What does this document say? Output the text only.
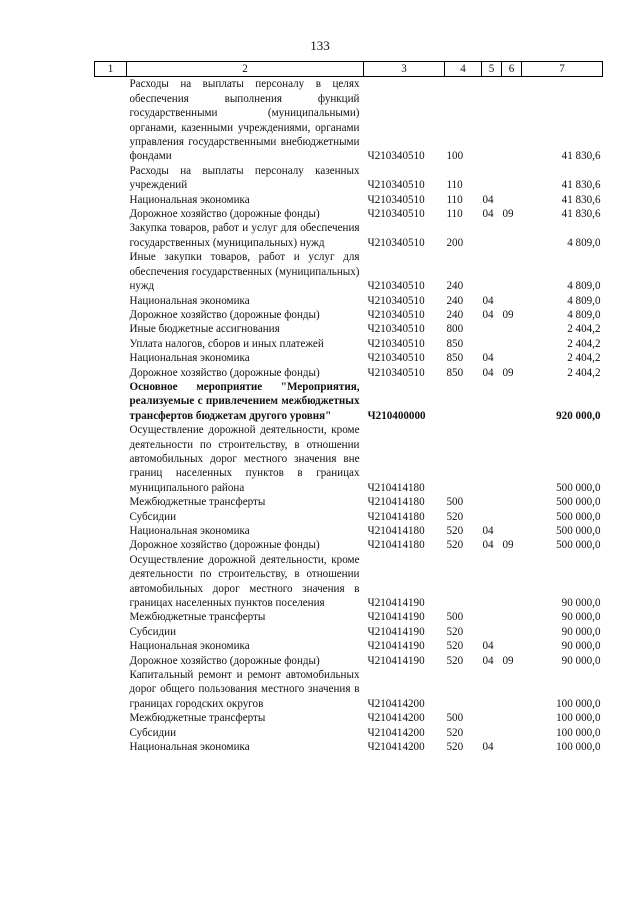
133
1	2	3	4	5	6	7
	Расходы на выплаты персоналу в целях обеспечения выполнения функций государственными (муниципальными) органами, казенными учреждениями, органами управления государственными внебюджетными фондами	Ч210340510	100			41 830,6
	Расходы на выплаты персоналу казенных учреждений	Ч210340510	110			41 830,6
	Национальная экономика	Ч210340510	110	04		41 830,6
	Дорожное хозяйство (дорожные фонды)	Ч210340510	110	04	09	41 830,6
	Закупка товаров, работ и услуг для обеспечения государственных (муниципальных) нужд	Ч210340510	200			4 809,0
	Иные закупки товаров, работ и услуг для обеспечения государственных (муниципальных) нужд	Ч210340510	240			4 809,0
	Национальная экономика	Ч210340510	240	04		4 809,0
	Дорожное хозяйство (дорожные фонды)	Ч210340510	240	04	09	4 809,0
	Иные бюджетные ассигнования	Ч210340510	800			2 404,2
	Уплата налогов, сборов и иных платежей	Ч210340510	850			2 404,2
	Национальная экономика	Ч210340510	850	04		2 404,2
	Дорожное хозяйство (дорожные фонды)	Ч210340510	850	04	09	2 404,2
	Основное мероприятие "Мероприятия, реализуемые с привлечением межбюджетных трансфертов бюджетам другого уровня"	Ч210400000				920 000,0
	Осуществление дорожной деятельности, кроме деятельности по строительству, в отношении автомобильных дорог местного значения вне границ населенных пунктов в границах муниципального района	Ч210414180				500 000,0
	Межбюджетные трансферты	Ч210414180	500			500 000,0
	Субсидии	Ч210414180	520			500 000,0
	Национальная экономика	Ч210414180	520	04		500 000,0
	Дорожное хозяйство (дорожные фонды)	Ч210414180	520	04	09	500 000,0
	Осуществление дорожной деятельности, кроме деятельности по строительству, в отношении автомобильных дорог местного значения в границах населенных пунктов поселения	Ч210414190				90 000,0
	Межбюджетные трансферты	Ч210414190	500			90 000,0
	Субсидии	Ч210414190	520			90 000,0
	Национальная экономика	Ч210414190	520	04		90 000,0
	Дорожное хозяйство (дорожные фонды)	Ч210414190	520	04	09	90 000,0
	Капитальный ремонт и ремонт автомобильных дорог общего пользования местного значения в границах городских округов	Ч210414200				100 000,0
	Межбюджетные трансферты	Ч210414200	500			100 000,0
	Субсидии	Ч210414200	520			100 000,0
	Национальная экономика	Ч210414200	520	04		100 000,0
